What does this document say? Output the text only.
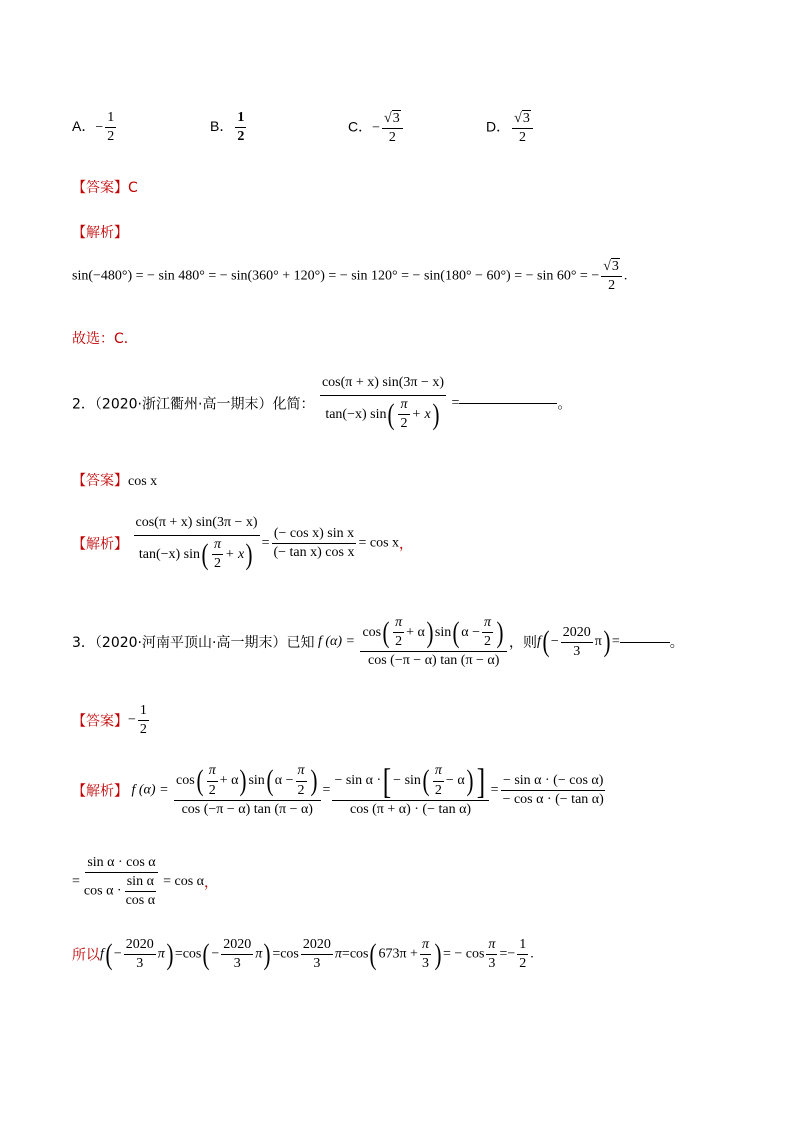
A．− $\frac{1}{2}$	B． $\frac{1}{2}$	C．− $\frac{√3}{2}$	D． $\frac{√3}{2}$
【答案】C
【解析】
sin(−480°) = − sin 480° = − sin(360° + 120°) = − sin 120° = − sin(180° − 60°) = − sin 60° = − $\frac{√3}{2}$ .
故选：C．
2．（2020·浙江衢州·高一期末）化简： $\frac{\cos(\pi + x) \sin(3\pi - x)}{\tan(-x) \sin( \frac{\pi}{2} + x)}$ =	。
【答案】cos x
【解析】 $\frac{\cos(\pi + x) \sin(3\pi - x)}{\tan(-x) \sin( \frac{\pi}{2} + x)} = \frac{\text{(− cos x) sin x}}{\text{(− tan x) cos x}} = \cos x$，
3．（2020·河南平顶山·高一期末）已知 f $(\alpha) = \frac{\cos( \frac{\pi}{2} + \alpha) \sin( \alpha - \frac{\pi}{2} )}{\cos (-\pi - \alpha) \tan (\pi - \alpha)}$ ，则$f( - \frac{2020}{3} \pi)$ =	。
【答案】− $\frac{1}{2}$
【解析】 f $(\alpha) = \frac{\cos( \frac{\pi}{2} + \alpha) \sin( \alpha - \frac{\pi}{2} )}{\cos (-\pi - \alpha) \tan (\pi - \alpha)} = \frac{- \sin \alpha \cdot[ - \sin( \frac{\pi}{2} - \alpha)]}{\text{cos (π + α) · (− tan α)}} = \frac{\text{− sin α · (− cos α)}}{\text{− cos α · (− tan α)}}$
= $\frac{\text{sin α · cos α}}{\cos \alpha \cdot \frac{\text{sin α}}{\text{cos α}}} = \cos \alpha$，
所以$f( - \frac{2020}{3} \pi) =\cos( - \frac{2020}{3} \pi) =\cos \frac{2020}{3} \pi=\cos$( $673\pi + \frac{\pi}{3}$ ) = − $\cos \frac{\pi}{3} =- \frac{1}{2}$ .
